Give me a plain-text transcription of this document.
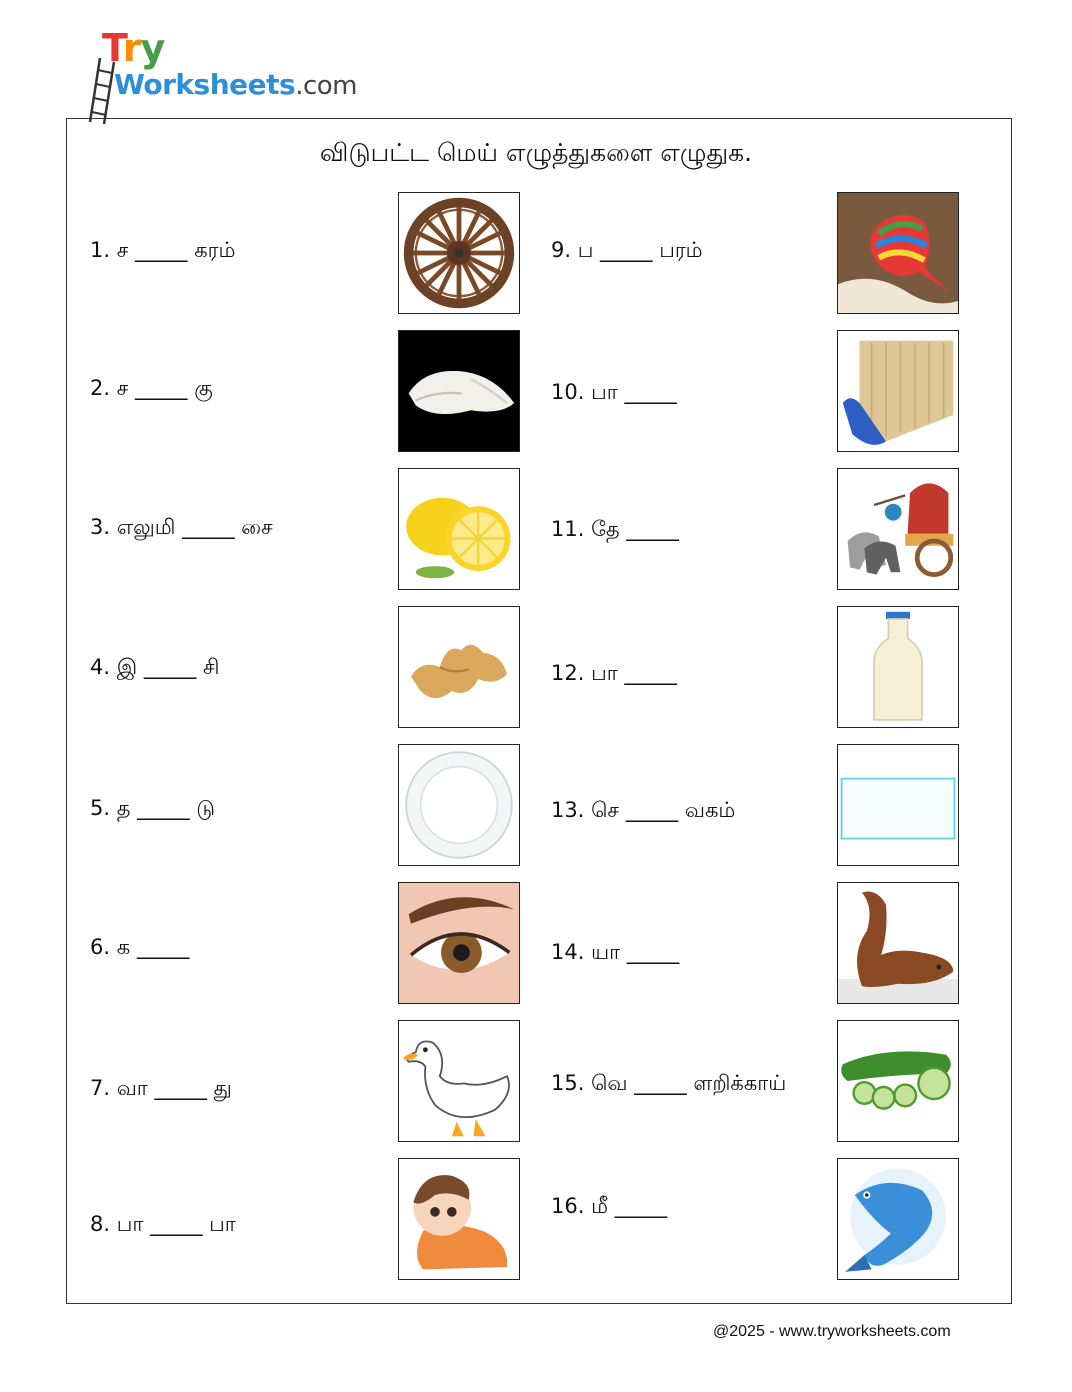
Try
Worksheets.com
விடுபட்ட மெய் எழுத்துகளை எழுதுக.
1. ச _____ கரம்
2. ச _____ கு
3. எலுமி _____ சை
4. இ _____ சி
5. த _____ டு
6. க _____
7. வா _____ து
8. பா _____ பா
9. ப _____ பரம்
10. பா _____
11. தே _____
12. பா _____
13. செ _____ வகம்
14. யா _____
15. வெ _____ ளறிக்காய்
16. மீ _____
@2025 - www.tryworksheets.com
